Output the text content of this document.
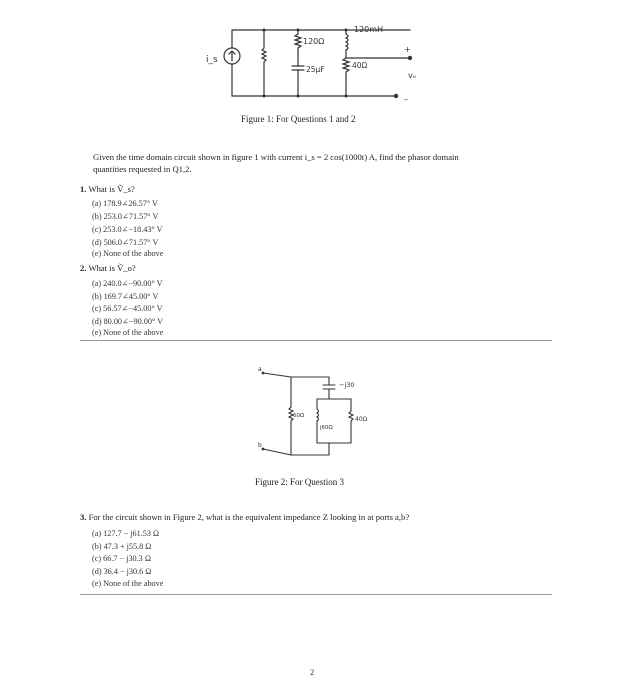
i_s
120Ω
120mH
25μF	40Ω
+
vₒ
–
Figure 1: For Questions 1 and 2
Given the time domain circuit shown in figure 1 with current i_s = 2 cos(1000t) A, find the phasor domain
quantities requested in Q1,2.
1. What is Ṽ_s?
(a) 178.9∠26.57° V
(b) 253.0∠71.57° V
(c) 253.0∠−18.43° V
(d) 506.0∠71.57° V
(e) None of the above
2. What is Ṽ_o?
(a) 240.0∠−90.00° V
(b) 169.7∠45.00° V
(c) 56.57∠−45.00° V
(d) 80.00∠−90.00° V
(e) None of the above
a
b
−j30
60Ω
j60Ω
40Ω
Figure 2: For Question 3
3. For the circuit shown in Figure 2, what is the equivalent impedance Z looking in at ports a,b?
(a) 127.7 − j61.53 Ω
(b) 47.3 + j55.8 Ω
(c) 66.7 − j30.3 Ω
(d) 36.4 − j30.6 Ω
(e) None of the above
2
